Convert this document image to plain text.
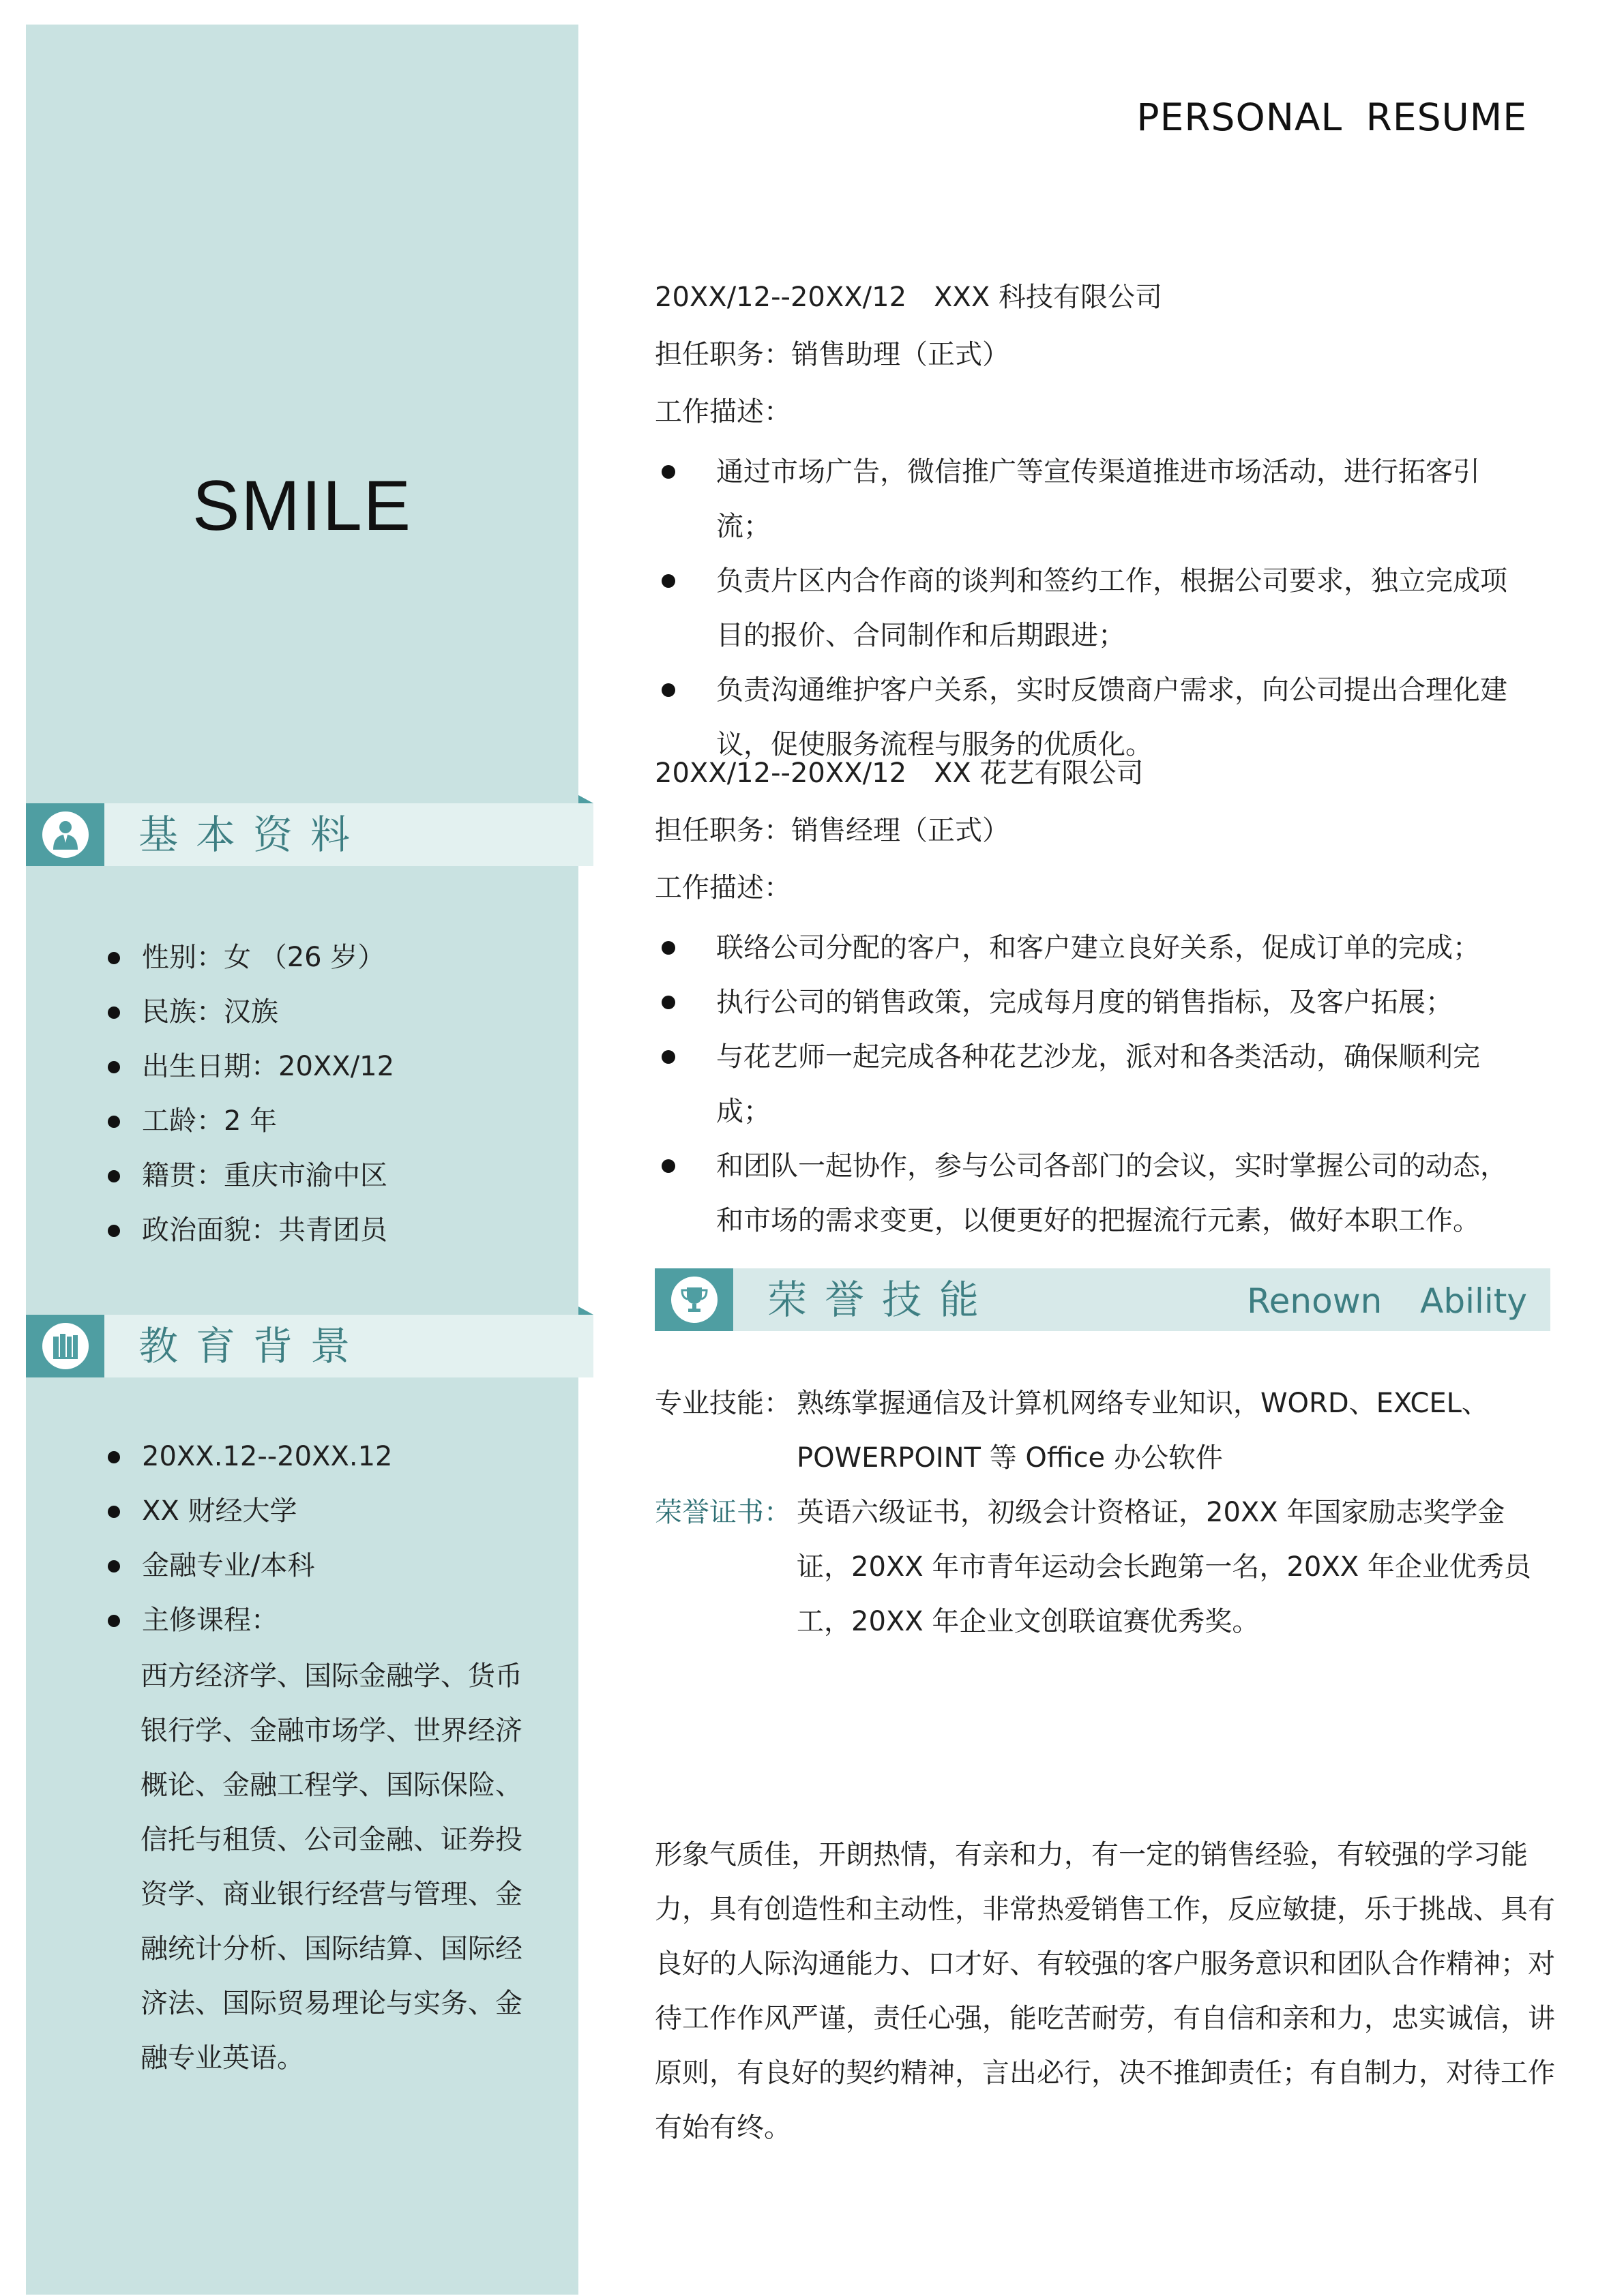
PERSONAL RESUME
SMILE
基本资料
性别：女 （26 岁）
民族：汉族
出生日期：20XX/12
工龄：2 年
籍贯：重庆市渝中区
政治面貌：共青团员
教育背景
20XX.12--20XX.12
XX 财经大学
金融专业/本科
主修课程：
西方经济学、国际金融学、货币银行学、金融市场学、世界经济概论、金融工程学、国际保险、信托与租赁、公司金融、证券投资学、商业银行经营与管理、金融统计分析、国际结算、国际经济法、国际贸易理论与实务、金融专业英语。
20XX/12--20XX/12 XXX 科技有限公司
担任职务：销售助理（正式）
工作描述：
通过市场广告，微信推广等宣传渠道推进市场活动，进行拓客引流；
负责片区内合作商的谈判和签约工作，根据公司要求，独立完成项目的报价、合同制作和后期跟进；
负责沟通维护客户关系，实时反馈商户需求，向公司提出合理化建议，促使服务流程与服务的优质化。
20XX/12--20XX/12 XX 花艺有限公司
担任职务：销售经理（正式）
工作描述：
联络公司分配的客户，和客户建立良好关系，促成订单的完成；
执行公司的销售政策，完成每月度的销售指标，及客户拓展；
与花艺师一起完成各种花艺沙龙，派对和各类活动，确保顺利完成；
和团队一起协作，参与公司各部门的会议，实时掌握公司的动态，和市场的需求变更，以便更好的把握流行元素，做好本职工作。
荣誉技能	Renown Ability
专业技能： 熟练掌握通信及计算机网络专业知识，WORD、EXCEL、POWERPOINT 等 Office 办公软件
荣誉证书： 英语六级证书，初级会计资格证，20XX 年国家励志奖学金证，20XX 年市青年运动会长跑第一名，20XX 年企业优秀员工，20XX 年企业文创联谊赛优秀奖。
形象气质佳，开朗热情，有亲和力，有一定的销售经验，有较强的学习能力，具有创造性和主动性，非常热爱销售工作，反应敏捷，乐于挑战、具有良好的人际沟通能力、口才好、有较强的客户服务意识和团队合作精神；对待工作作风严谨，责任心强，能吃苦耐劳，有自信和亲和力，忠实诚信，讲原则，有良好的契约精神，言出必行，决不推卸责任；有自制力，对待工作有始有终。
